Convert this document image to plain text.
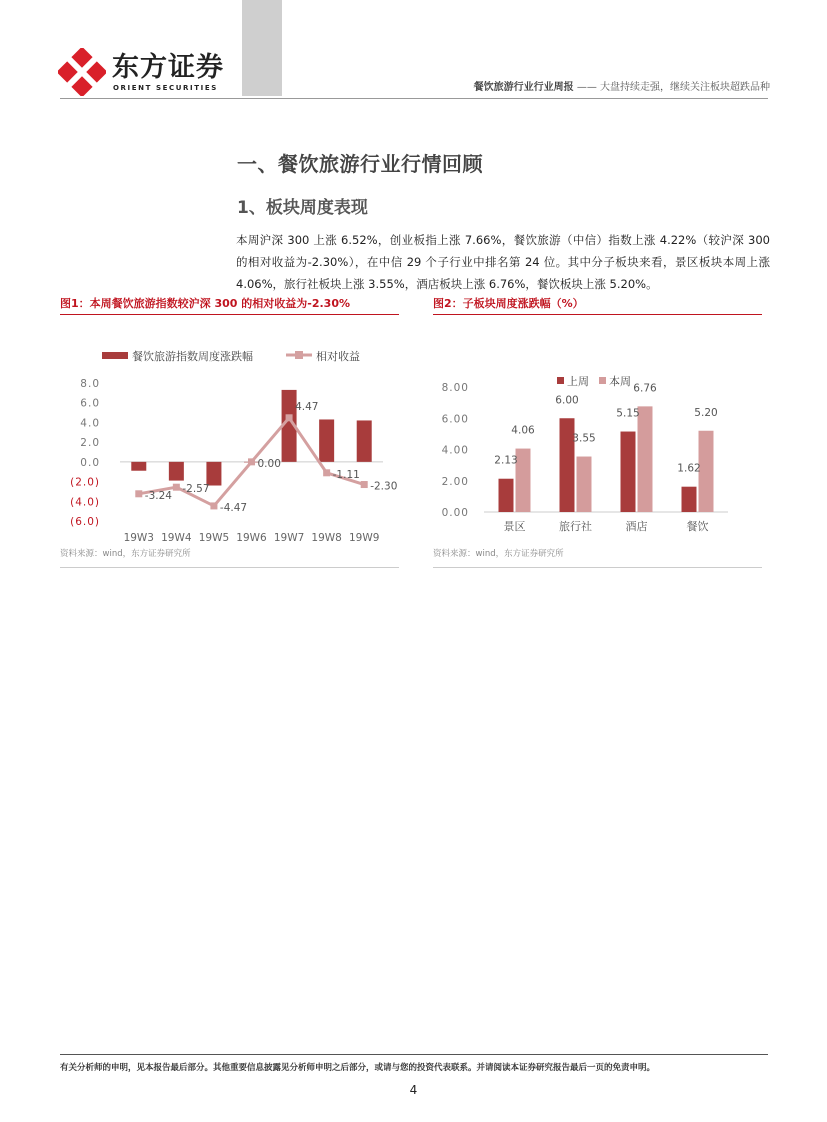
东方证券
ORIENT SECURITIES	餐饮旅游行业行业周报 —— 大盘持续走强，继续关注板块超跌品种
一、餐饮旅游行业行情回顾
1、板块周度表现
本周沪深 300 上涨 6.52%，创业板指上涨 7.66%，餐饮旅游（中信）指数上涨 4.22%（较沪深 300 的相对收益为-2.30%），在中信 29 个子行业中排名第 24 位。其中分子板块来看，景区板块本周上涨 4.06%，旅行社板块上涨 3.55%，酒店板块上涨 6.76%，餐饮板块上涨 5.20%。
图1：本周餐饮旅游指数较沪深 300 的相对收益为-2.30%
餐饮旅游指数周度涨跌幅	相对收益
8.0
6.0
4.0
2.0
0.0
(2.0)
(4.0)
(6.0)
-3.24
-2.57
-4.47
0.00
4.47
-1.11
-2.30
19W3 19W4 19W5 19W6 19W7 19W8 19W9
资料来源：wind，东方证券研究所
图2：子板块周度涨跌幅（%）
上周 本周
8.00
6.00
4.00
2.00
0.00
2.13
4.06
景区
6.00
3.55
旅行社
5.15
6.76
酒店
1.62
5.20
餐饮
资料来源：wind，东方证券研究所
有关分析师的申明，见本报告最后部分。其他重要信息披露见分析师申明之后部分，或请与您的投资代表联系。并请阅读本证券研究报告最后一页的免责申明。
4
